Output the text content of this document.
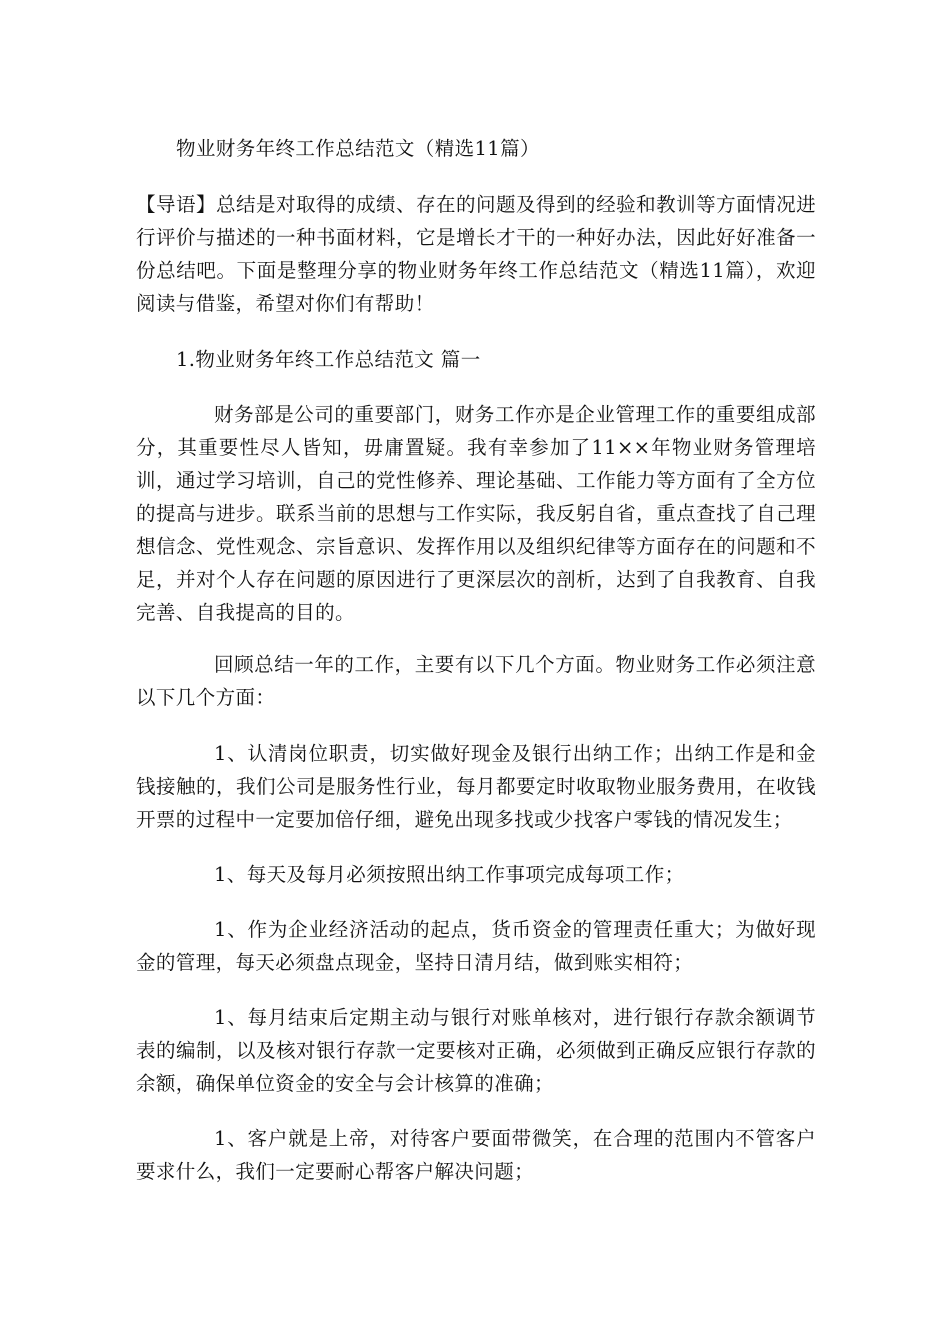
物业财务年终工作总结范文（精选11篇）

【导语】总结是对取得的成绩、存在的问题及得到的经验和教训等方面情况进行评价与描述的一种书面材料，它是增长才干的一种好办法，因此好好准备一份总结吧。下面是整理分享的物业财务年终工作总结范文（精选11篇），欢迎阅读与借鉴，希望对你们有帮助！

1.物业财务年终工作总结范文 篇一

财务部是公司的重要部门，财务工作亦是企业管理工作的重要组成部分，其重要性尽人皆知，毋庸置疑。我有幸参加了11××年物业财务管理培训，通过学习培训，自己的党性修养、理论基础、工作能力等方面有了全方位的提高与进步。联系当前的思想与工作实际，我反躬自省，重点查找了自己理想信念、党性观念、宗旨意识、发挥作用以及组织纪律等方面存在的问题和不足，并对个人存在问题的原因进行了更深层次的剖析，达到了自我教育、自我完善、自我提高的目的。

回顾总结一年的工作，主要有以下几个方面。物业财务工作必须注意以下几个方面：

1、认清岗位职责，切实做好现金及银行出纳工作；出纳工作是和金钱接触的，我们公司是服务性行业，每月都要定时收取物业服务费用，在收钱开票的过程中一定要加倍仔细，避免出现多找或少找客户零钱的情况发生；

1、每天及每月必须按照出纳工作事项完成每项工作；

1、作为企业经济活动的起点，货币资金的管理责任重大；为做好现金的管理，每天必须盘点现金，坚持日清月结，做到账实相符；

1、每月结束后定期主动与银行对账单核对，进行银行存款余额调节表的编制，以及核对银行存款一定要核对正确，必须做到正确反应银行存款的余额，确保单位资金的安全与会计核算的准确；

1、客户就是上帝，对待客户要面带微笑，在合理的范围内不管客户要求什么，我们一定要耐心帮客户解决问题；
